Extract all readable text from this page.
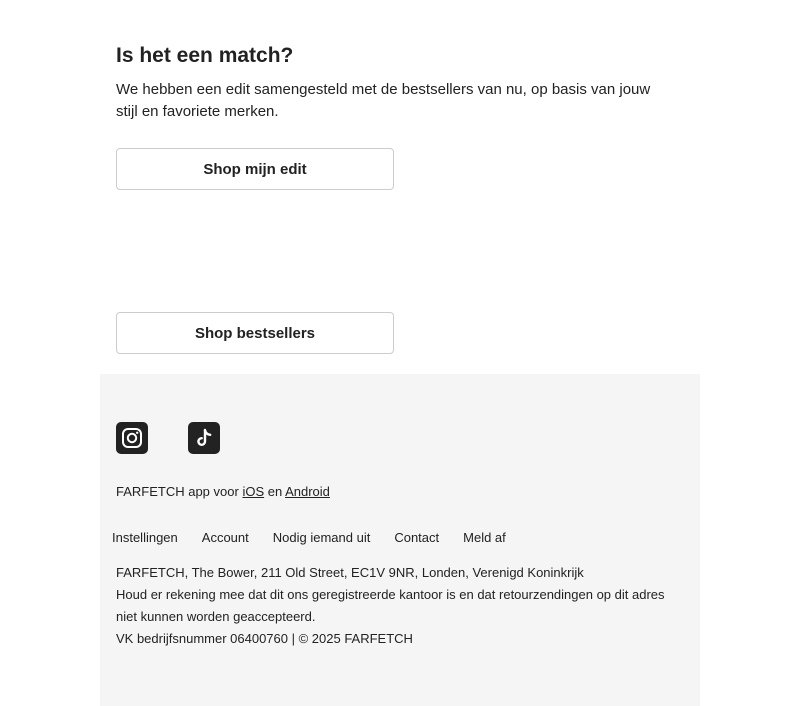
Is het een match?

We hebben een edit samengesteld met de bestsellers van nu, op basis van jouw stijl en favoriete merken.

Shop mijn edit
Shop bestsellers
FARFETCH app voor iOS en Android
Instellingen Account Nodig iemand uit Contact Meld af

FARFETCH, The Bower, 211 Old Street, EC1V 9NR, Londen, Verenigd Koninkrijk

Houd er rekening mee dat dit ons geregistreerde kantoor is en dat retourzendingen op dit adres niet kunnen worden geaccepteerd.

VK bedrijfsnummer 06400760 | © 2025 FARFETCH
